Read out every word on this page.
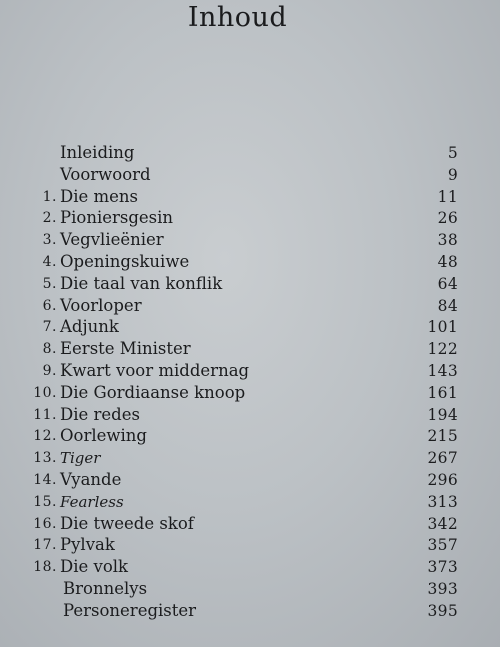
Inhoud
Inleiding	5
Voorwoord	9
1. Die mens	11
2. Pioniersgesin	26
3. Vegvlieënier	38
4. Openingskuiwe	48
5. Die taal van konflik	64
6. Voorloper	84
7. Adjunk	101
8. Eerste Minister	122
9. Kwart voor middernag	143
10. Die Gordiaanse knoop	161
11. Die redes	194
12. Oorlewing	215
13. Tiger	267
14. Vyande	296
15. Fearless	313
16. Die tweede skof	342
17. Pylvak	357
18. Die volk	373
Bronnelys	393
Personeregister	395
